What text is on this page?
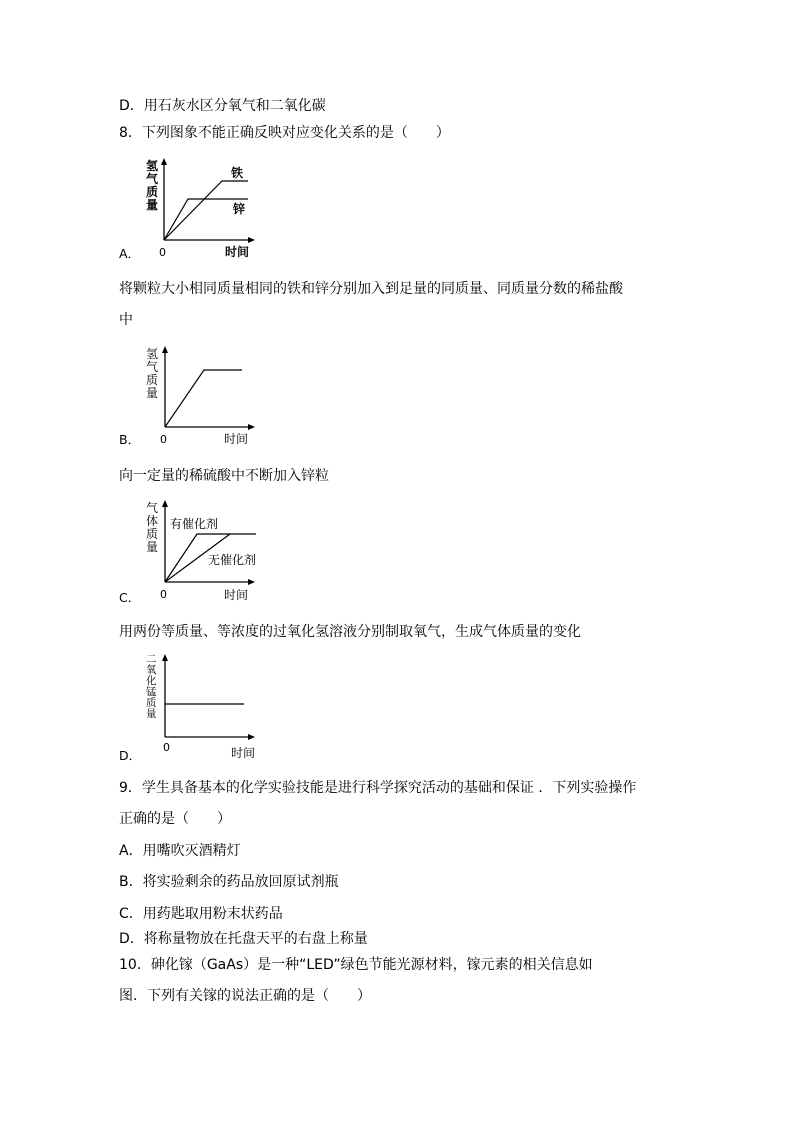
D．用石灰水区分氧气和二氧化碳
8．下列图象不能正确反映对应变化关系的是（　　）
氢
气
质
量
铁
锌
0	时间
A．
将颗粒大小相同质量相同的铁和锌分别加入到足量的同质量、同质量分数的稀盐酸
中
氢
气
质
量
0	时间
B．
向一定量的稀硫酸中不断加入锌粒
气
体
质
量
有催化剂
无催化剂
0	时间
C．
用两份等质量、等浓度的过氧化氢溶液分别制取氧气，生成气体质量的变化
二
氧
化
锰
质
量
0	时间
D．
9．学生具备基本的化学实验技能是进行科学探究活动的基础和保证 ．下列实验操作
正确的是（　　）
A．用嘴吹灭酒精灯
B．将实验剩余的药品放回原试剂瓶
C．用药匙取用粉末状药品
D．将称量物放在托盘天平的右盘上称量
10．砷化镓（GaAs）是一种“LED”绿色节能光源材料，镓元素的相关信息如
图．下列有关镓的说法正确的是（　　）
